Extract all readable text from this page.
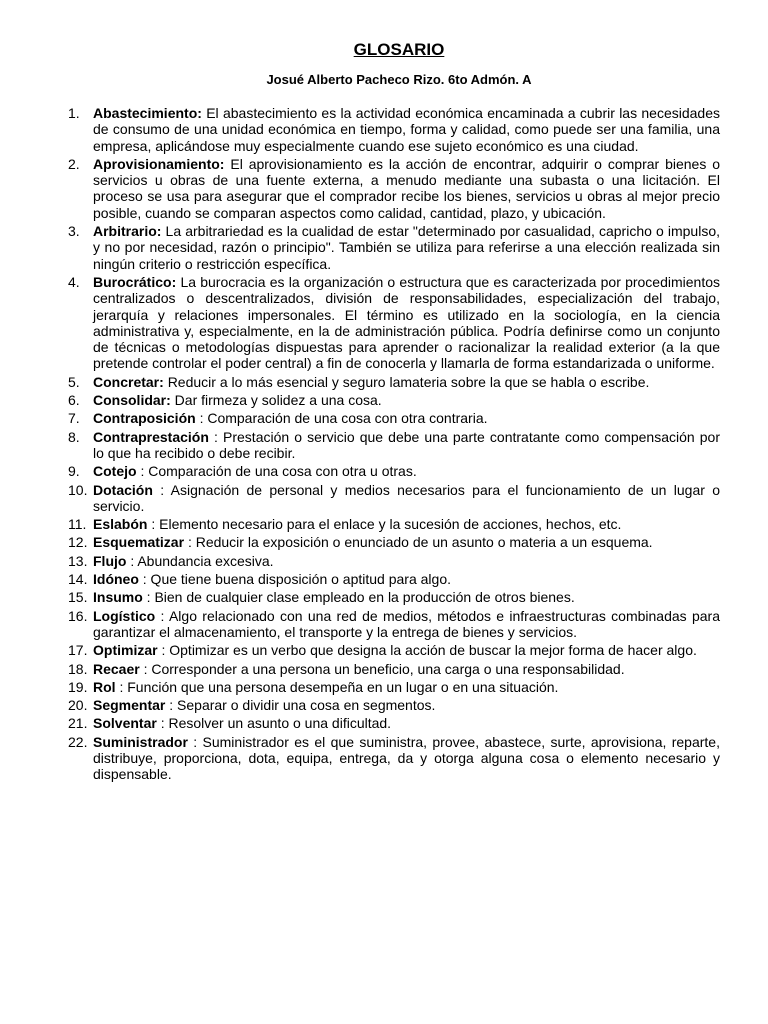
GLOSARIO

Josué Alberto Pacheco Rizo. 6to Admón. A

1. Abastecimiento: El abastecimiento es la actividad económica encaminada a cubrir las necesidades de consumo de una unidad económica en tiempo, forma y calidad, como puede ser una familia, una empresa, aplicándose muy especialmente cuando ese sujeto económico es una ciudad.
2. Aprovisionamiento: El aprovisionamiento es la acción de encontrar, adquirir o comprar bienes o servicios u obras de una fuente externa, a menudo mediante una subasta o una licitación. El proceso se usa para asegurar que el comprador recibe los bienes, servicios u obras al mejor precio posible, cuando se comparan aspectos como calidad, cantidad, plazo, y ubicación.
3. Arbitrario: La arbitrariedad es la cualidad de estar "determinado por casualidad, capricho o impulso, y no por necesidad, razón o principio". También se utiliza para referirse a una elección realizada sin ningún criterio o restricción específica.
4. Burocrático: La burocracia es la organización o estructura que es caracterizada por procedimientos centralizados o descentralizados, división de responsabilidades, especialización del trabajo, jerarquía y relaciones impersonales. El término es utilizado en la sociología, en la ciencia administrativa y, especialmente, en la de administración pública. Podría definirse como un conjunto de técnicas o metodologías dispuestas para aprender o racionalizar la realidad exterior (a la que pretende controlar el poder central) a fin de conocerla y llamarla de forma estandarizada o uniforme.
5. Concretar: Reducir a lo más esencial y seguro lamateria sobre la que se habla o escribe.
6. Consolidar: Dar firmeza y solidez a una cosa.
7. Contraposición : Comparación de una cosa con otra contraria.
8. Contraprestación : Prestación o servicio que debe una parte contratante como compensación por lo que ha recibido o debe recibir.
9. Cotejo : Comparación de una cosa con otra u otras.
10. Dotación : Asignación de personal y medios necesarios para el funcionamiento de un lugar o servicio.
11. Eslabón : Elemento necesario para el enlace y la sucesión de acciones, hechos, etc.
12. Esquematizar : Reducir la exposición o enunciado de un asunto o materia a un esquema.
13. Flujo : Abundancia excesiva.
14. Idóneo : Que tiene buena disposición o aptitud para algo.
15. Insumo : Bien de cualquier clase empleado en la producción de otros bienes.
16. Logístico : Algo relacionado con una red de medios, métodos e infraestructuras combinadas para garantizar el almacenamiento, el transporte y la entrega de bienes y servicios.
17. Optimizar : Optimizar es un verbo que designa la acción de buscar la mejor forma de hacer algo.
18. Recaer : Corresponder a una persona un beneficio, una carga o una responsabilidad.
19. Rol : Función que una persona desempeña en un lugar o en una situación.
20. Segmentar : Separar o dividir una cosa en segmentos.
21. Solventar : Resolver un asunto o una dificultad.
22. Suministrador : Suministrador es el que suministra, provee, abastece, surte, aprovisiona, reparte, distribuye, proporciona, dota, equipa, entrega, da y otorga alguna cosa o elemento necesario y dispensable.
